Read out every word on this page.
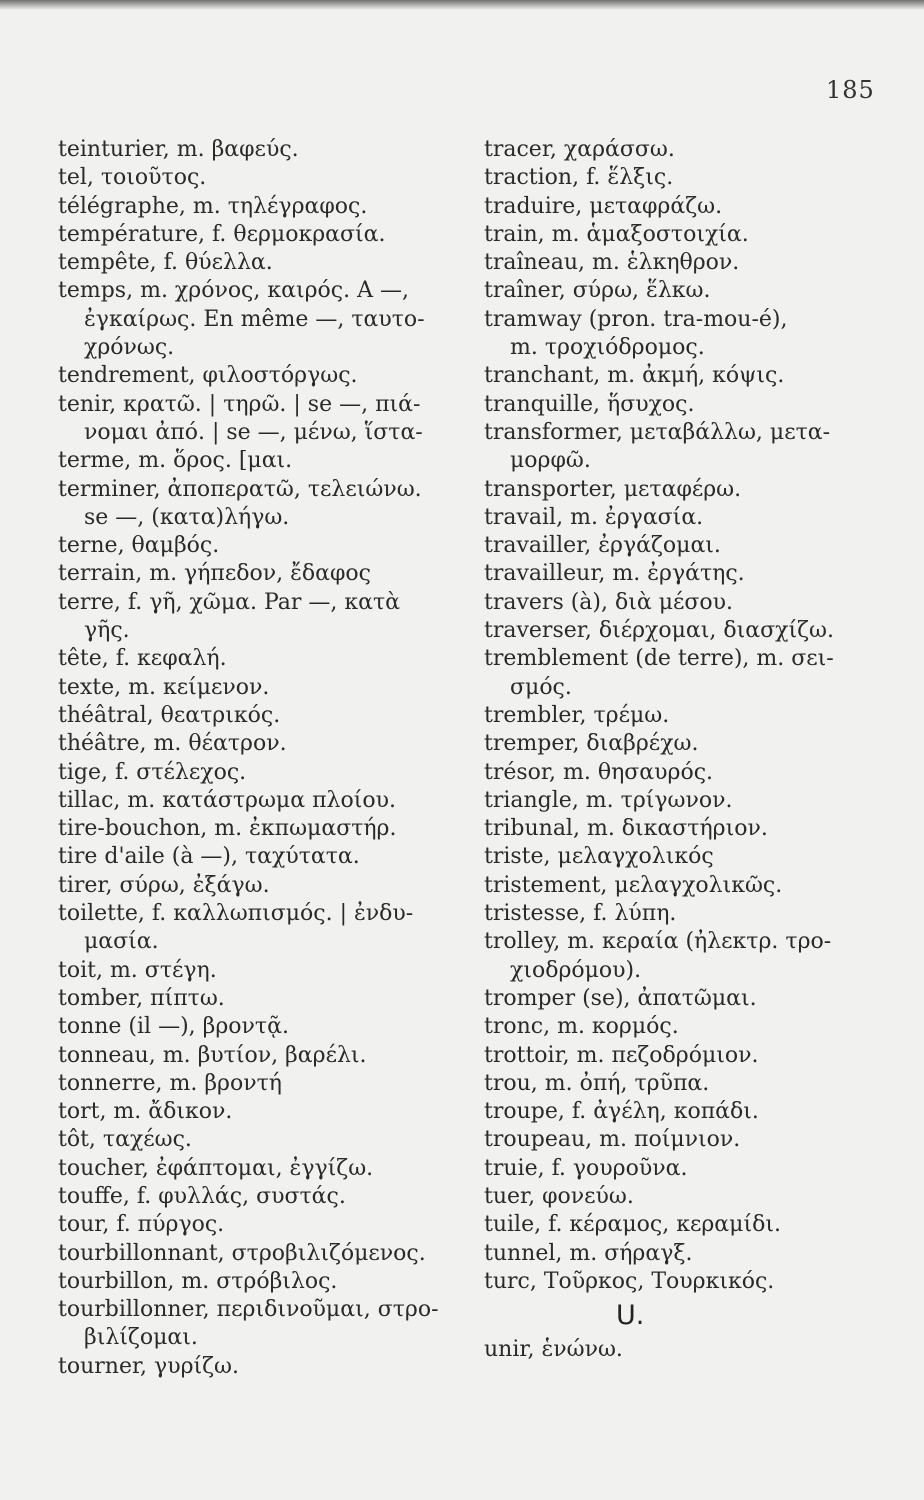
185
teinturier, m. βαφεύς.
tel, τοιοῦτος.
télégraphe, m. τηλέγραφος.
température, f. θερμοκρασία.
tempête, f. θύελλα.
temps, m. χρόνος, καιρός. A —,
ἐγκαίρως. En même —, ταυτο-
χρόνως.
tendrement, φιλοστόργως.
tenir, κρατῶ. | τηρῶ. | se —, πιά-
νομαι ἀπό. | se —, μένω, ἵστα-
terme, m. ὅρος. [μαι.
terminer, ἀποπερατῶ, τελειώνω.
se —, (κατα)λήγω.
terne, θαμβός.
terrain, m. γήπεδον, ἔδαφος
terre, f. γῆ, χῶμα. Par —, κατὰ
γῆς.
tête, f. κεφαλή.
texte, m. κείμενον.
théâtral, θεατρικός.
théâtre, m. θέατρον.
tige, f. στέλεχος.
tillac, m. κατάστρωμα πλοίου.
tire-bouchon, m. ἐκπωμαστήρ.
tire d'aile (à —), ταχύτατα.
tirer, σύρω, ἐξάγω.
toilette, f. καλλωπισμός. | ἐνδυ-
μασία.
toit, m. στέγη.
tomber, πίπτω.
tonne (il —), βροντᾷ.
tonneau, m. βυτίον, βαρέλι.
tonnerre, m. βροντή
tort, m. ἄδικον.
tôt, ταχέως.
toucher, ἐφάπτομαι, ἐγγίζω.
touffe, f. φυλλάς, συστάς.
tour, f. πύργος.
tourbillonnant, στροβιλιζόμενος.
tourbillon, m. στρόβιλος.
tourbillonner, περιδινοῦμαι, στρο-
βιλίζομαι.
tourner, γυρίζω.
tracer, χαράσσω.
traction, f. ἕλξις.
traduire, μεταφράζω.
train, m. ἁμαξοστοιχία.
traîneau, m. ἑλκηθρον.
traîner, σύρω, ἕλκω.
tramway (pron. tra-mou-é),
m. τροχιόδρομος.
tranchant, m. ἀκμή, κόψις.
tranquille, ἥσυχος.
transformer, μεταβάλλω, μετα-
μορφῶ.
transporter, μεταφέρω.
travail, m. ἐργασία.
travailler, ἐργάζομαι.
travailleur, m. ἐργάτης.
travers (à), διὰ μέσου.
traverser, διέρχομαι, διασχίζω.
tremblement (de terre), m. σει-
σμός.
trembler, τρέμω.
tremper, διαβρέχω.
trésor, m. θησαυρός.
triangle, m. τρίγωνον.
tribunal, m. δικαστήριον.
triste, μελαγχολικός
tristement, μελαγχολικῶς.
tristesse, f. λύπη.
trolley, m. κεραία (ἠλεκτρ. τρο-
χιοδρόμου).
tromper (se), ἀπατῶμαι.
tronc, m. κορμός.
trottoir, m. πεζοδρόμιον.
trou, m. ὀπή, τρῦπα.
troupe, f. ἀγέλη, κοπάδι.
troupeau, m. ποίμνιον.
truie, f. γουροῦνα.
tuer, φονεύω.
tuile, f. κέραμος, κεραμίδι.
tunnel, m. σήραγξ.
turc, Τοῦρκος, Τουρκικός.
U.
unir, ἑνώνω.
